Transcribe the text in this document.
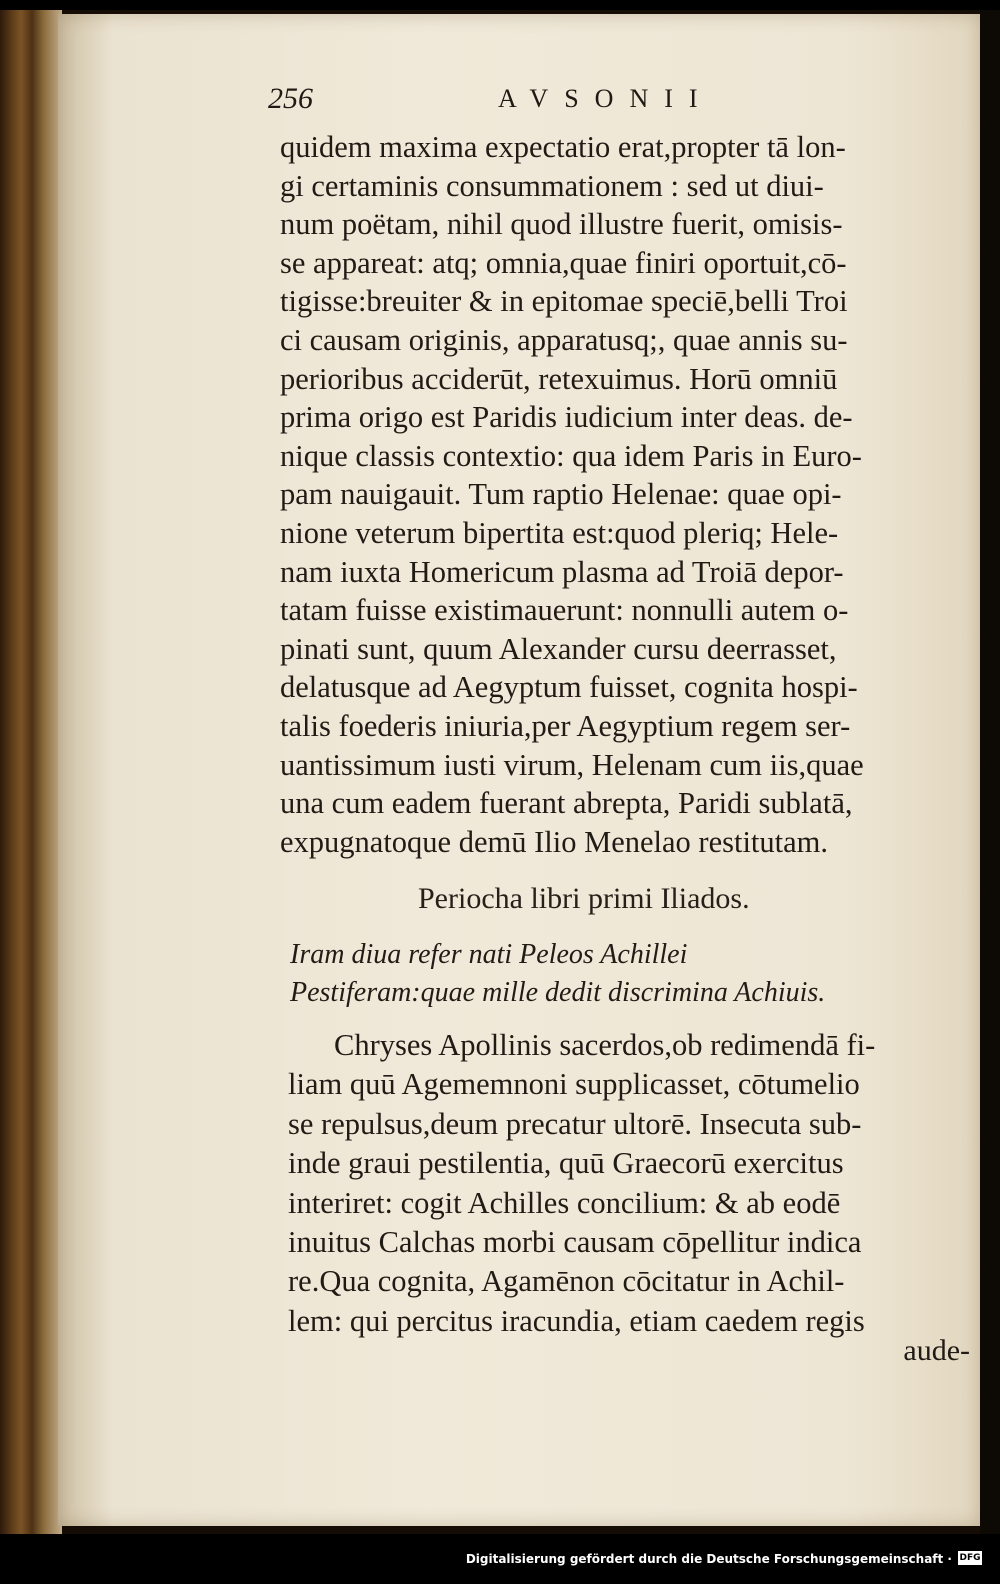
256	AVSONII
quidem maxima expectatio erat,propter tā lon-
gi certaminis consummationem : sed ut diui-
num poëtam, nihil quod illustre fuerit, omisis-
se appareat: atq; omnia,quae finiri oportuit,cō-
tigisse:breuiter & in epitomae speciē,belli Troi
ci causam originis, apparatusq;, quae annis su-
perioribus acciderūt, retexuimus. Horū omniū
prima origo est Paridis iudicium inter deas. de-
nique classis contextio: qua idem Paris in Euro-
pam nauigauit. Tum raptio Helenae: quae opi-
nione veterum bipertita est:quod pleriq; Hele-
nam iuxta Homericum plasma ad Troiā depor-
tatam fuisse existimauerunt: nonnulli autem o-
pinati sunt, quum Alexander cursu deerrasset,
delatusque ad Aegyptum fuisset, cognita hospi-
talis foederis iniuria,per Aegyptium regem ser-
uantissimum iusti virum, Helenam cum iis,quae
una cum eadem fuerant abrepta, Paridi sublatā,
expugnatoque demū Ilio Menelao restitutam.
Periocha libri primi Iliados.
Iram diua refer nati Peleos Achillei
Pestiferam:quae mille dedit discrimina Achiuis.
Chryses Apollinis sacerdos,ob redimendā fi-
liam quū Agememnoni supplicasset, cōtumelio
se repulsus,deum precatur ultorē. Insecuta sub-
inde graui pestilentia, quū Graecorū exercitus
interiret: cogit Achilles concilium: & ab eodē
inuitus Calchas morbi causam cōpellitur indica
re.Qua cognita, Agamēnon cōcitatur in Achil-
lem: qui percitus iracundia, etiam caedem regis
aude-
Digitalisierung gefördert durch die Deutsche Forschungsgemeinschaft · DFG
